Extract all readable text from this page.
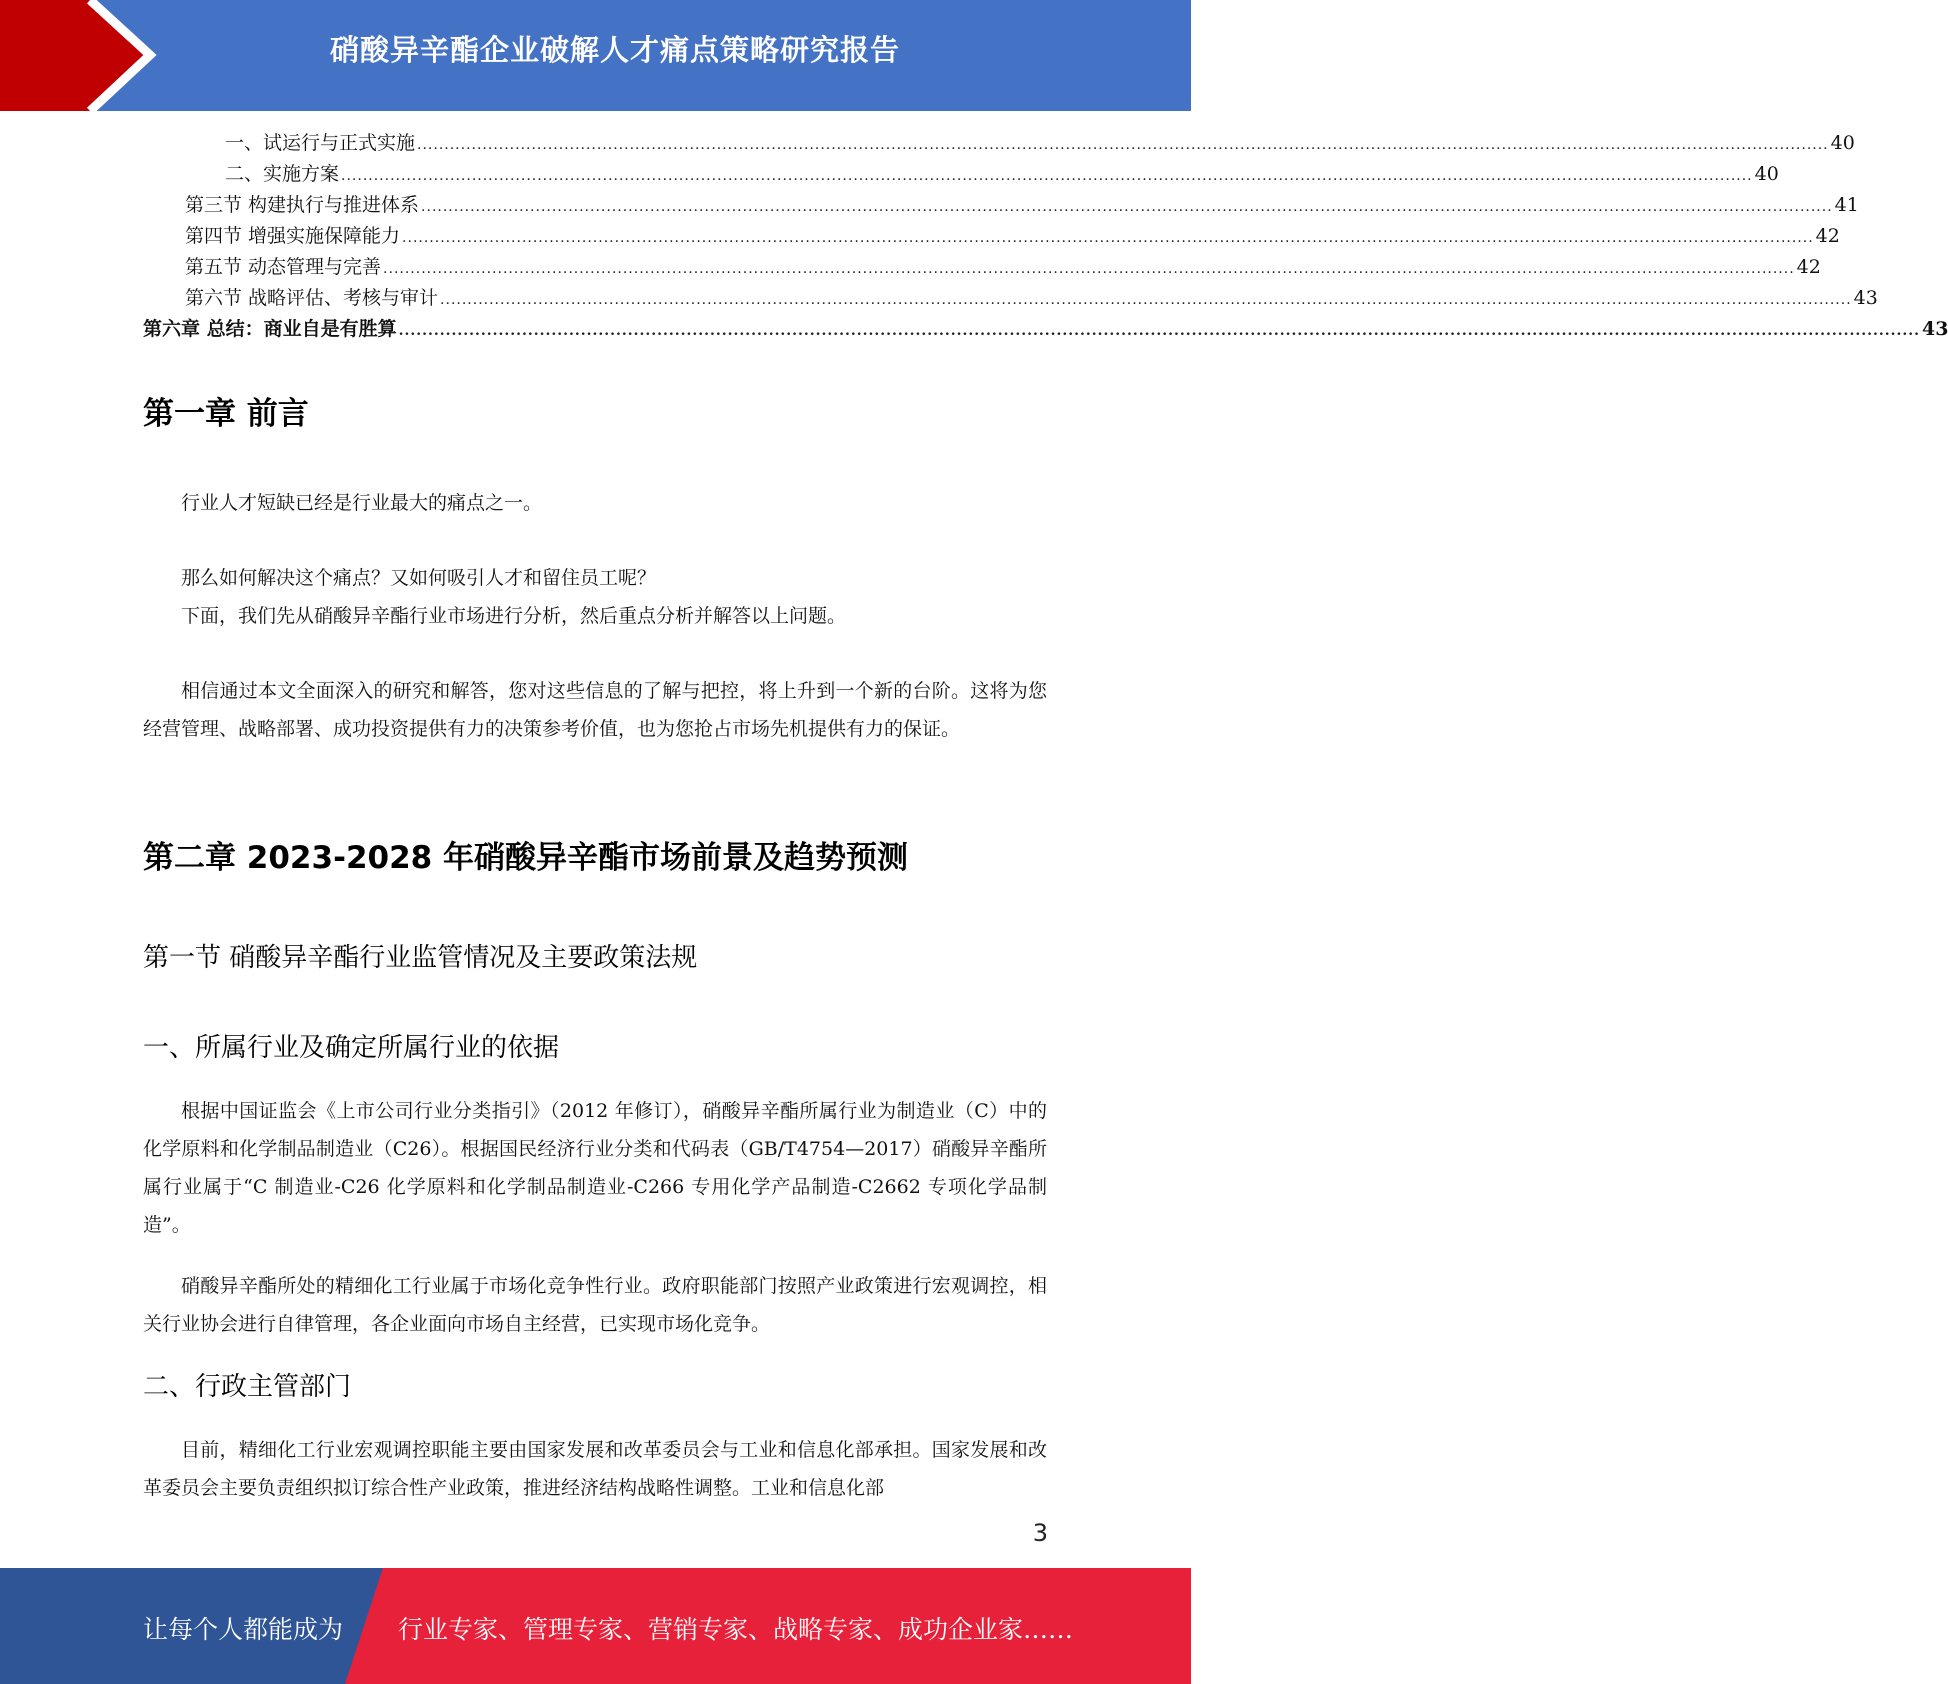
硝酸异辛酯企业破解人才痛点策略研究报告
一、试运行与正式实施 ................................................................................................................................................................................................................................................................... 40
二、实施方案 ................................................................................................................................................................................................................................................................... 40
第三节 构建执行与推进体系 ................................................................................................................................................................................................................................................................... 41
第四节 增强实施保障能力 ................................................................................................................................................................................................................................................................... 42
第五节 动态管理与完善 ................................................................................................................................................................................................................................................................... 42
第六节 战略评估、考核与审计 ................................................................................................................................................................................................................................................................... 43
第六章 总结：商业自是有胜算 ................................................................................................................................................................................................................................................................... 43
第一章 前言
行业人才短缺已经是行业最大的痛点之一。
那么如何解决这个痛点？又如何吸引人才和留住员工呢？
下面，我们先从硝酸异辛酯行业市场进行分析，然后重点分析并解答以上问题。
相信通过本文全面深入的研究和解答，您对这些信息的了解与把控，将上升到一个新的台阶。这将为您经营管理、战略部署、成功投资提供有力的决策参考价值，也为您抢占市场先机提供有力的保证。
第二章 2023-2028 年硝酸异辛酯市场前景及趋势预测
第一节 硝酸异辛酯行业监管情况及主要政策法规
一、所属行业及确定所属行业的依据
根据中国证监会《上市公司行业分类指引》（2012 年修订），硝酸异辛酯所属行业为制造业（C）中的化学原料和化学制品制造业（C26）。根据国民经济行业分类和代码表（GB/T4754—2017）硝酸异辛酯所属行业属于“C 制造业-C26 化学原料和化学制品制造业-C266 专用化学产品制造-C2662 专项化学品制造”。
硝酸异辛酯所处的精细化工行业属于市场化竞争性行业。政府职能部门按照产业政策进行宏观调控，相关行业协会进行自律管理，各企业面向市场自主经营，已实现市场化竞争。
二、行政主管部门
目前，精细化工行业宏观调控职能主要由国家发展和改革委员会与工业和信息化部承担。国家发展和改革委员会主要负责组织拟订综合性产业政策，推进经济结构战略性调整。工业和信息化部
3
让每个人都能成为 行业专家、管理专家、营销专家、战略专家、成功企业家……
